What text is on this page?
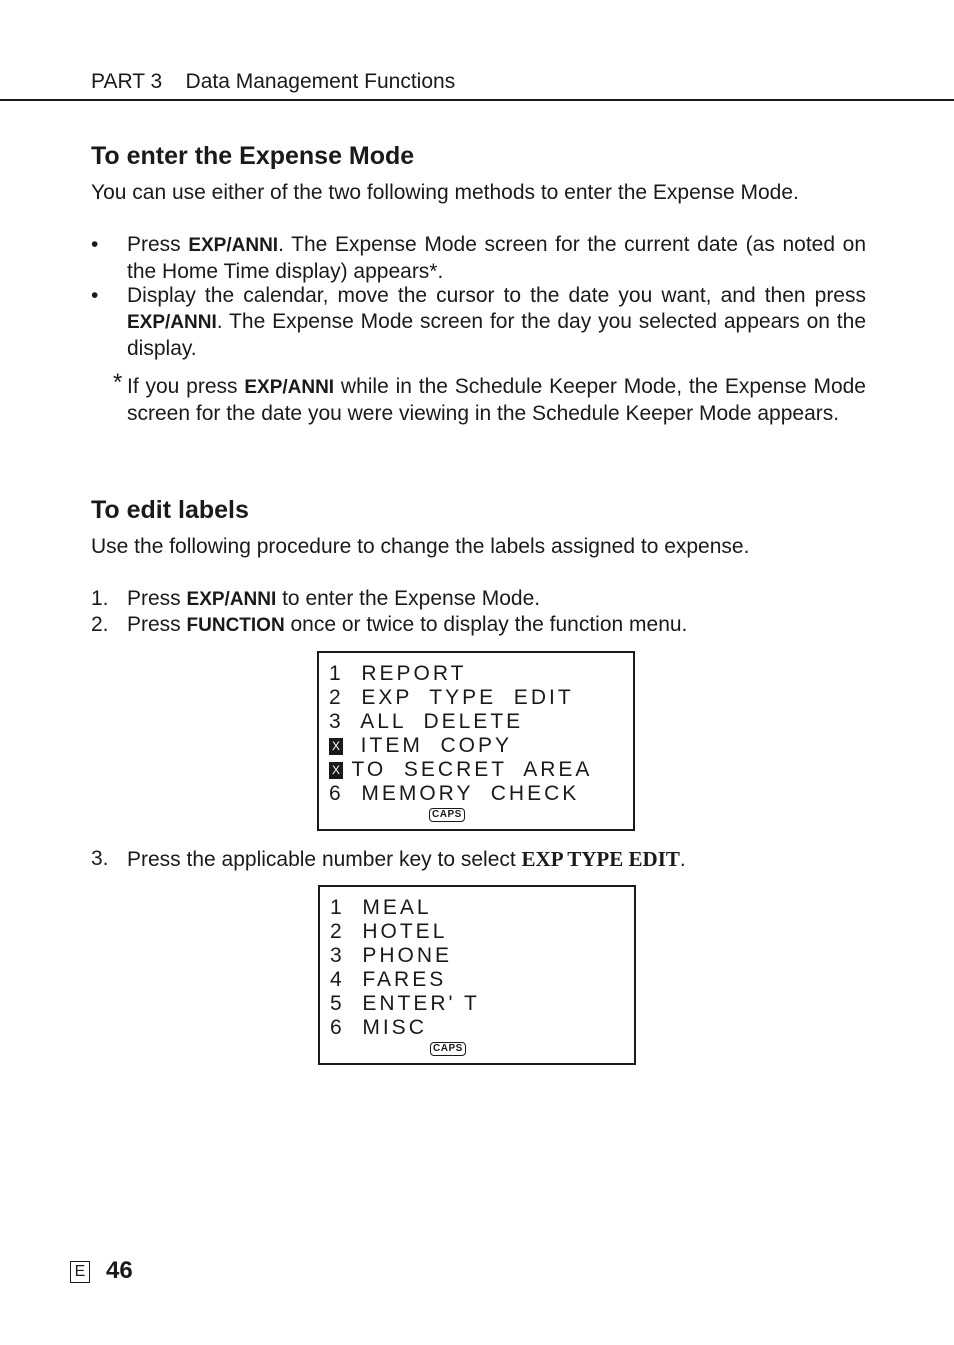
PART 3    Data Management Functions
To enter the Expense Mode
You can use either of the two following methods to enter the Expense Mode.
• Press EXP/ANNI. The Expense Mode screen for the current date (as noted on the Home Time display) appears*.
• Display the calendar, move the cursor to the date you want, and then press EXP/ANNI. The Expense Mode screen for the day you selected appears on the display.
* If you press EXP/ANNI while in the Schedule Keeper Mode, the Expense Mode screen for the date you were viewing in the Schedule Keeper Mode appears.
To edit labels
Use the following procedure to change the labels assigned to expense.
1. Press EXP/ANNI to enter the Expense Mode.
2. Press FUNCTION once or twice to display the function menu.
1 REPORT
2 EXP  TYPE  EDIT
3 ALL  DELETE
X ITEM  COPY
X TO  SECRET  AREA
6 MEMORY  CHECK
CAPS
3. Press the applicable number key to select EXP TYPE EDIT.
1 MEAL
2 HOTEL
3 PHONE
4 FARES
5 ENTER' T
6 MISC
CAPS
E 46
